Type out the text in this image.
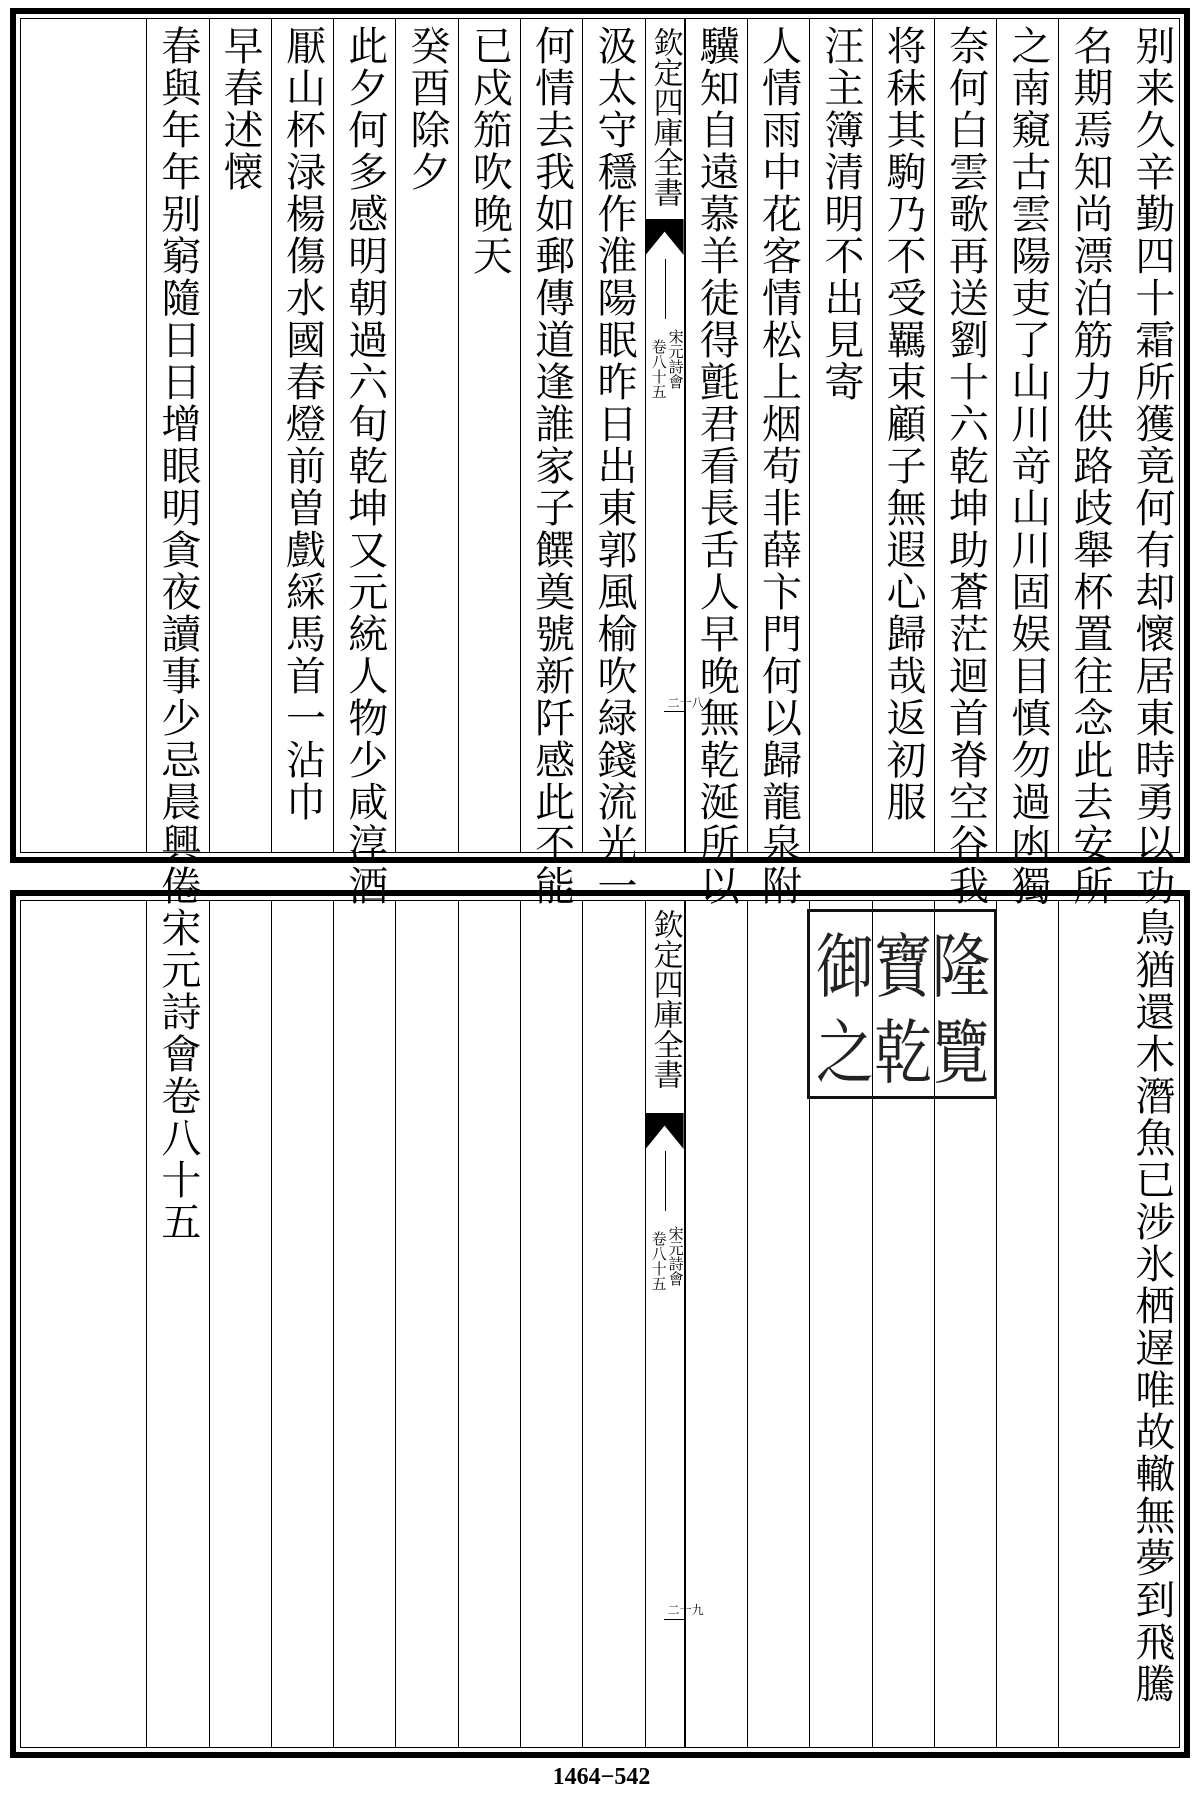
别来久辛勤四十霜所獲竟何有却懷居東時勇以功
名期焉知尚漂泊筋力供路歧舉杯置往念此去安所
之南窺古雲陽吏了山川竒山川固娱目慎勿過凼獨
奈何白雲歌再送劉十六乾坤助蒼茫迴首脊空谷我
将秣其駒乃不受羈束顧子無遐心歸哉返初服
汪主簿清明不出見寄
人情雨中花客情松上烟苟非薛卞門何以歸龍泉附
驥知自遠慕羊徒得氈君看長舌人早晚無乾涎所以
汲太守穩作淮陽眠昨日出東郭風榆吹緑錢流光一
何情去我如郵傳道逢誰家子饌奠號新阡感此不能
已戍笳吹晚天
癸酉除夕
此夕何多感明朝過六旬乾坤又元統人物少咸淳酒
厭山杯渌楊傷水國春燈前曽戲綵馬首一沾巾
早春述懐
春與年年别窮隨日日增眼明貪夜讀事少忌晨興倦	欽定四庫全書
宋元詩會
卷八十五
二十八
鳥猶還木潛魚已涉氷栖遟唯故轍無夢到飛騰
宋元詩會卷八十五	欽定四庫全書
宋元詩會
卷八十五
二十九
御 寶 隆
之 乾 覽
1464−542
